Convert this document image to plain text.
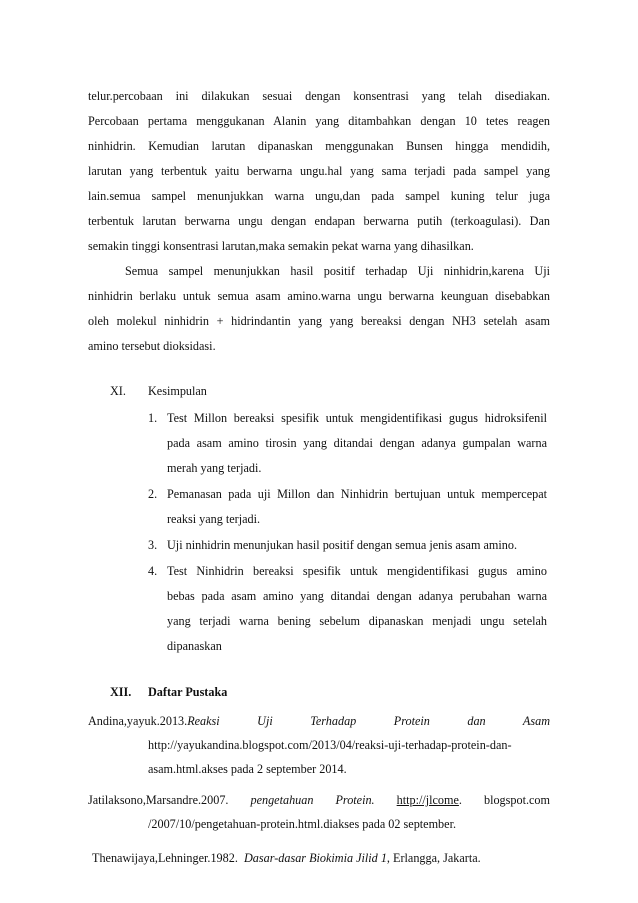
telur.percobaan ini dilakukan sesuai dengan konsentrasi yang telah disediakan.
Percobaan pertama menggukanan Alanin yang ditambahkan dengan 10 tetes reagen
ninhidrin. Kemudian larutan dipanaskan menggunakan Bunsen hingga mendidih,
larutan yang terbentuk yaitu berwarna ungu.hal yang sama terjadi pada sampel yang
lain.semua sampel menunjukkan warna ungu,dan pada sampel kuning telur juga
terbentuk larutan berwarna ungu dengan endapan berwarna putih (terkoagulasi). Dan
semakin tinggi konsentrasi larutan,maka semakin pekat warna yang dihasilkan.
Semua sampel menunjukkan hasil positif terhadap Uji ninhidrin,karena Uji
ninhidrin berlaku untuk semua asam amino.warna ungu berwarna keunguan disebabkan
oleh molekul ninhidrin + hidrindantin yang yang bereaksi dengan NH3 setelah asam
amino tersebut dioksidasi.
XI. Kesimpulan
1. Test Millon bereaksi spesifik untuk mengidentifikasi gugus hidroksifenil
pada asam amino tirosin yang ditandai dengan adanya gumpalan warna
merah yang terjadi.
2. Pemanasan pada uji Millon dan Ninhidrin bertujuan untuk mempercepat
reaksi yang terjadi.
3. Uji ninhidrin menunjukan hasil positif dengan semua jenis asam amino.
4. Test Ninhidrin bereaksi spesifik untuk mengidentifikasi gugus amino
bebas pada asam amino yang ditandai dengan adanya perubahan warna
yang terjadi warna bening sebelum dipanaskan menjadi ungu setelah
dipanaskan
XII. Daftar Pustaka
Andina,yayuk.2013.Reaksi Uji Terhadap Protein dan Asam
http://yayukandina.blogspot.com/2013/04/reaksi-uji-terhadap-protein-dan-
asam.html.akses pada 2 september 2014.
Jatilaksono,Marsandre.2007. pengetahuan Protein. http://jlcome. blogspot.com
/2007/10/pengetahuan-protein.html.diakses pada 02 september.
Thenawijaya,Lehninger.1982. Dasar-dasar Biokimia Jilid 1, Erlangga, Jakarta.
